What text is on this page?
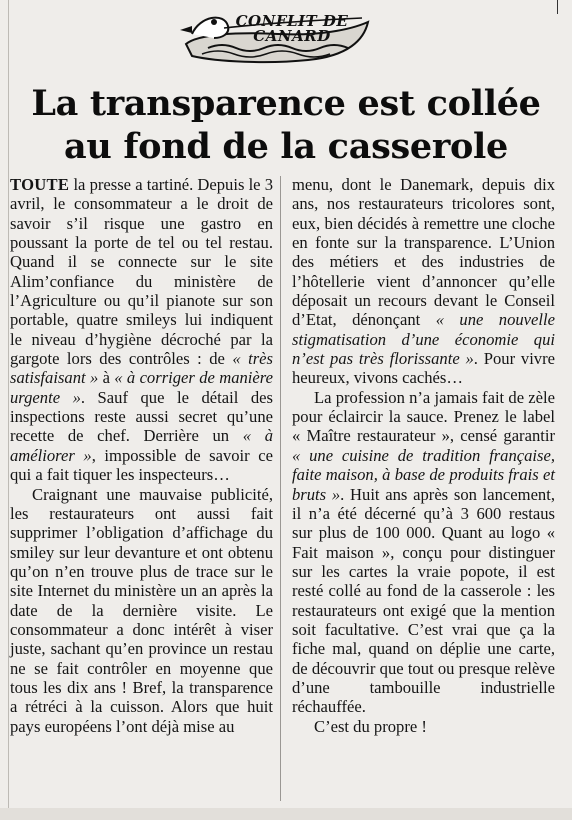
CONFLIT DE
CANARD
La transparence est collée au fond de la casserole

TOUTE la presse a tartiné. Depuis le 3 avril, le consommateur a le droit de savoir s’il risque une gastro en poussant la porte de tel ou tel restau. Quand il se connecte sur le site Alim’confiance du ministère de l’Agriculture ou qu’il pianote sur son portable, quatre smileys lui indiquent le niveau d’hygiène décroché par la gargote lors des contrôles : de « très satisfaisant » à « à corriger de manière urgente ». Sauf que le détail des inspections reste aussi secret qu’une recette de chef. Derrière un « à améliorer », impossible de savoir ce qui a fait tiquer les inspecteurs…

Craignant une mauvaise publicité, les restaurateurs ont aussi fait supprimer l’obligation d’affichage du smiley sur leur devanture et ont obtenu qu’on n’en trouve plus de trace sur le site Internet du ministère un an après la date de la dernière visite. Le consommateur a donc intérêt à viser juste, sachant qu’en province un restau ne se fait contrôler en moyenne que tous les dix ans ! Bref, la transparence a rétréci à la cuisson. Alors que huit pays européens l’ont déjà mise au

menu, dont le Danemark, depuis dix ans, nos restaurateurs tricolores sont, eux, bien décidés à remettre une cloche en fonte sur la transparence. L’Union des métiers et des industries de l’hôtellerie vient d’annoncer qu’elle déposait un recours devant le Conseil d’Etat, dénonçant « une nouvelle stigmatisation d’une économie qui n’est pas très florissante ». Pour vivre heureux, vivons cachés…

La profession n’a jamais fait de zèle pour éclaircir la sauce. Prenez le label « Maître restaurateur », censé garantir « une cuisine de tradition française, faite maison, à base de produits frais et bruts ». Huit ans après son lancement, il n’a été décerné qu’à 3 600 restaus sur plus de 100 000. Quant au logo « Fait maison », conçu pour distinguer sur les cartes la vraie popote, il est resté collé au fond de la casserole : les restaurateurs ont exigé que la mention soit facultative. C’est vrai que ça la fiche mal, quand on déplie une carte, de découvrir que tout ou presque relève d’une tambouille industrielle réchauffée.

C’est du propre !
